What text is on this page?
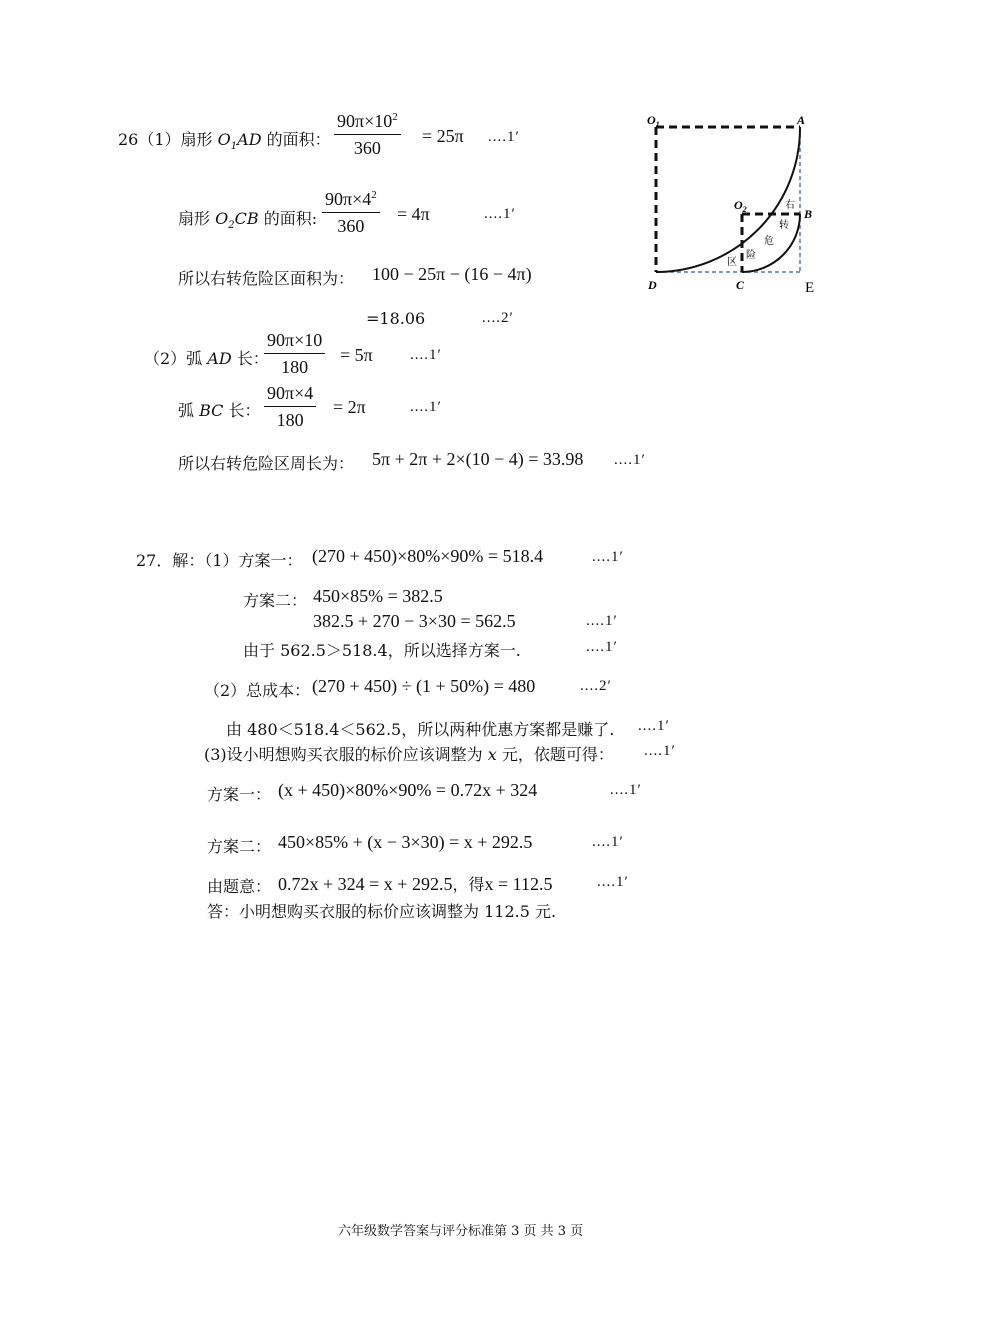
26（1）扇形 $O_1AD$ 的面积： $\frac{90\pi\times 10^2}{360} = 25\pi$ ....1′
扇形 $O_2CB$ 的面积: $\frac{90\pi\times 4^2}{360} = 4\pi$	....1′
所以右转危险区面积为： 100 − 25π − (16 − 4π)
=18.06	....2′
（2）弧 AD 长：
$\frac{90\pi\times 10}{180} = 5\pi$ ....1′
弧 BC 长： $\frac{90\pi\times 4}{180} = 2\pi$	....1′
所以右转危险区周长为： 5π + 2π + 2×(10 − 4) = 33.98 ....1′
$O_1$	A
$O_2$	B
D	C	E
右
转
危
险
区
27．解：（1）方案一： (270 + 450)×80%×90% = 518.4	....1′
方案二： 450×85% = 382.5
382.5 + 270 − 3×30 = 562.5	....1′
由于 562.5＞518.4，所以选择方案一.	....1′
（2）总成本： (270 + 450) ÷ (1 + 50%) = 480	....2′
由 480＜518.4＜562.5，所以两种优惠方案都是赚了. ....1′
(3)设小明想购买衣服的标价应该调整为 x 元，依题可得： ....1′
方案一： (x + 450)×80%×90% = 0.72x + 324	....1′
方案二： 450×85% + (x − 3×30) = x + 292.5	....1′
由题意： 0.72x + 324 = x + 292.5，得x = 112.5	....1′
答：小明想购买衣服的标价应该调整为 112.5 元.
六年级数学答案与评分标准第 3 页 共 3 页
